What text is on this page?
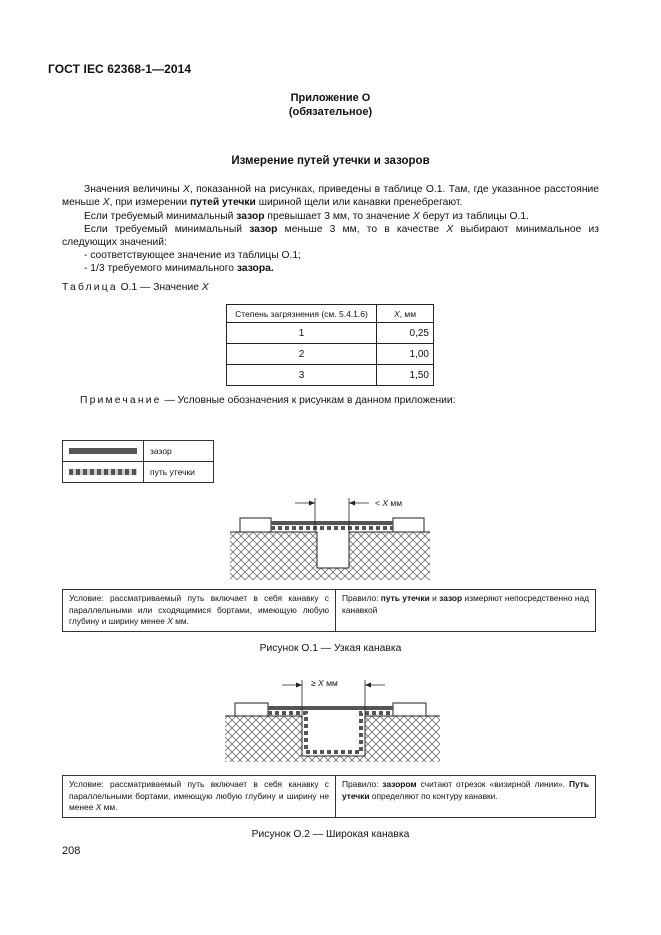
ГОСТ IEC 62368-1—2014
Приложение О
(обязательное)
Измерение путей утечки и зазоров
Значения величины X, показанной на рисунках, приведены в таблице О.1. Там, где указанное расстояние меньше X, при измерении путей утечки шириной щели или канавки пренебрегают.
Если требуемый минимальный зазор превышает 3 мм, то значение X берут из таблицы О.1.
Если требуемый минимальный зазор меньше 3 мм, то в качестве X выбирают минимальное из следующих значений:
- соответствующее значение из таблицы О.1;
- 1/3 требуемого минимального зазора.
Таблица О.1 — Значение X
Степень загрязнения (см. 5.4.1.6)	X, мм
1	0,25
2	1,00
3	1,50
Примечание — Условные обозначения к рисункам в данном приложении:
	зазор

	путь утечки
< X мм
Условие: рассматриваемый путь включает в себя канавку с параллельными или сходящимися бортами, имеющую любую глубину и ширину менее X мм.	Правило: путь утечки и зазор измеряют непосредственно над канавкой
Рисунок О.1 — Узкая канавка
≥ X мм
Условие: рассматриваемый путь включает в себя канавку с параллельными бортами, имеющую любую глубину и ширину не менее X мм.	Правило: зазором считают отрезок «визирной линии». Путь утечки определяют по контуру канавки.
Рисунок О.2 — Широкая канавка
208
